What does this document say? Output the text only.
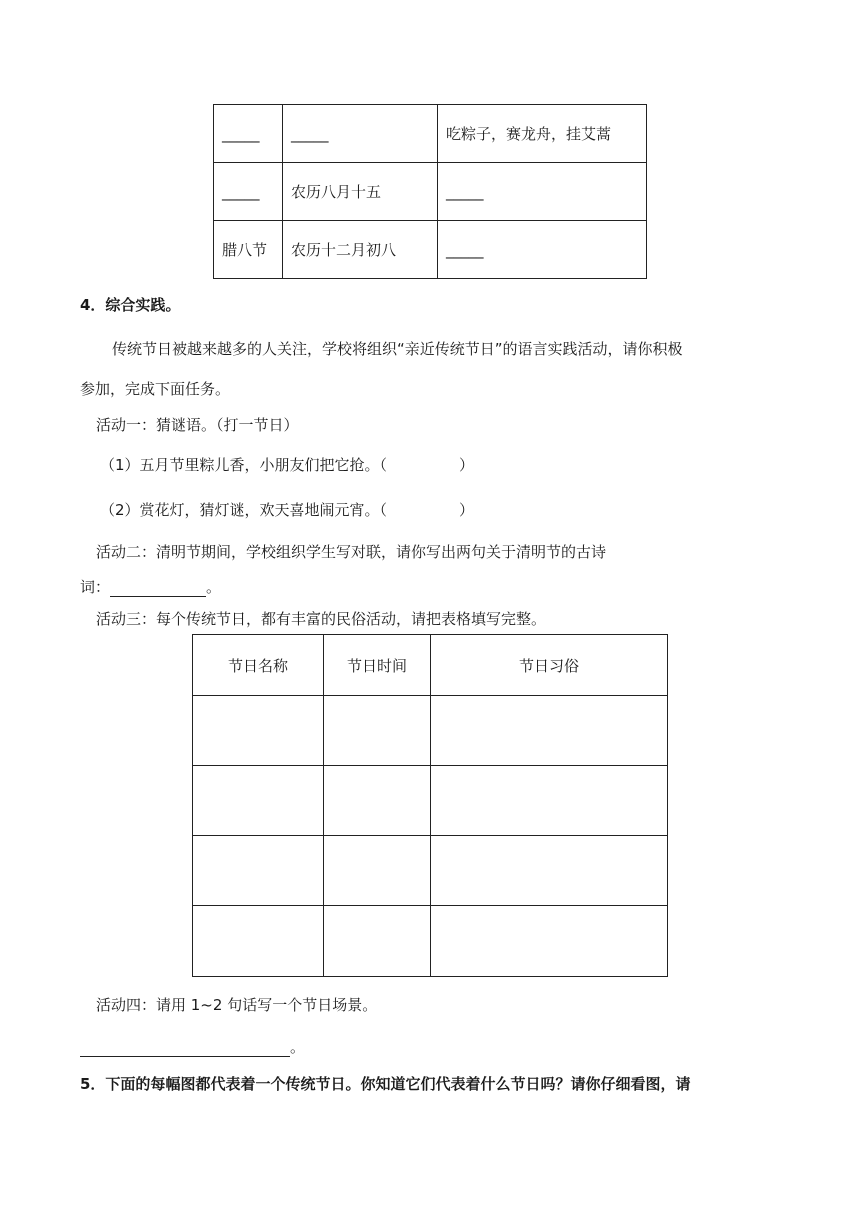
_____	_____	吃粽子，赛龙舟，挂艾蒿
_____	农历八月十五	_____
腊八节	农历十二月初八	_____
4．综合实践。
传统节日被越来越多的人关注，学校将组织“亲近传统节日”的语言实践活动，请你积极
参加，完成下面任务。
活动一：猜谜语。（打一节日）
（1）五月节里粽儿香，小朋友们把它抢。（	）
（2）赏花灯，猜灯谜，欢天喜地闹元宵。（	）
活动二：清明节期间，学校组织学生写对联，请你写出两句关于清明节的古诗
词：	。
活动三：每个传统节日，都有丰富的民俗活动，请把表格填写完整。
节日名称	节日时间	节日习俗

活动四：请用 1~2 句话写一个节日场景。
。
5．下面的每幅图都代表着一个传统节日。你知道它们代表着什么节日吗？请你仔细看图，请
